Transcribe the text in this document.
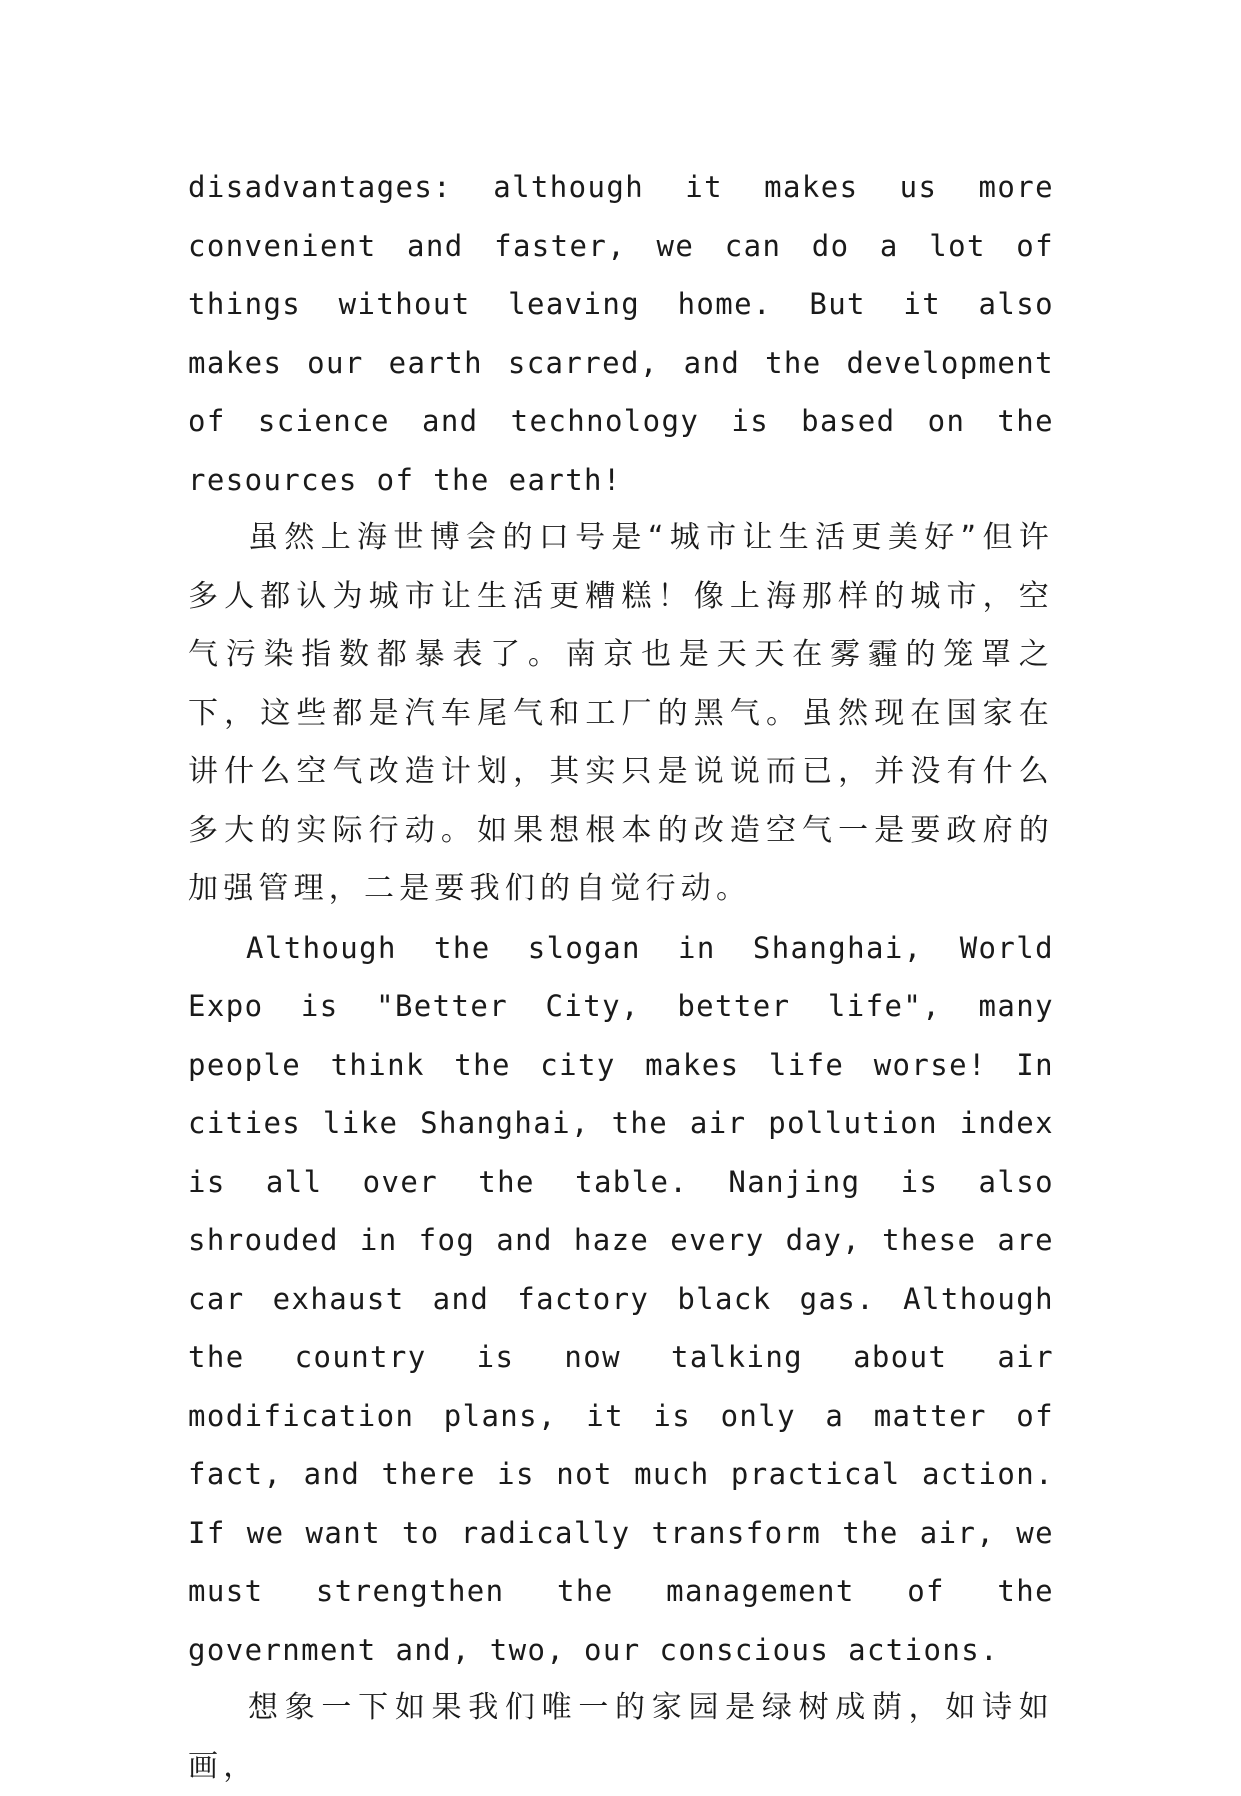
disadvantages: although it makes us more convenient and faster, we can do a lot of things without leaving home. But it also makes our earth scarred, and the development of science and technology is based on the resources of the earth!

虽然上海世博会的口号是“城市让生活更美好”但许多人都认为城市让生活更糟糕！像上海那样的城市，空气污染指数都暴表了。南京也是天天在雾霾的笼罩之下，这些都是汽车尾气和工厂的黑气。虽然现在国家在讲什么空气改造计划，其实只是说说而已，并没有什么多大的实际行动。如果想根本的改造空气一是要政府的加强管理，二是要我们的自觉行动。

Although the slogan in Shanghai, World Expo is "Better City, better life", many people think the city makes life worse! In cities like Shanghai, the air pollution index is all over the table. Nanjing is also shrouded in fog and haze every day, these are car exhaust and factory black gas. Although the country is now talking about air modification plans, it is only a matter of fact, and there is not much practical action. If we want to radically transform the air, we must strengthen the management of the government and, two, our conscious actions.

想象一下如果我们唯一的家园是绿树成荫，如诗如画，
